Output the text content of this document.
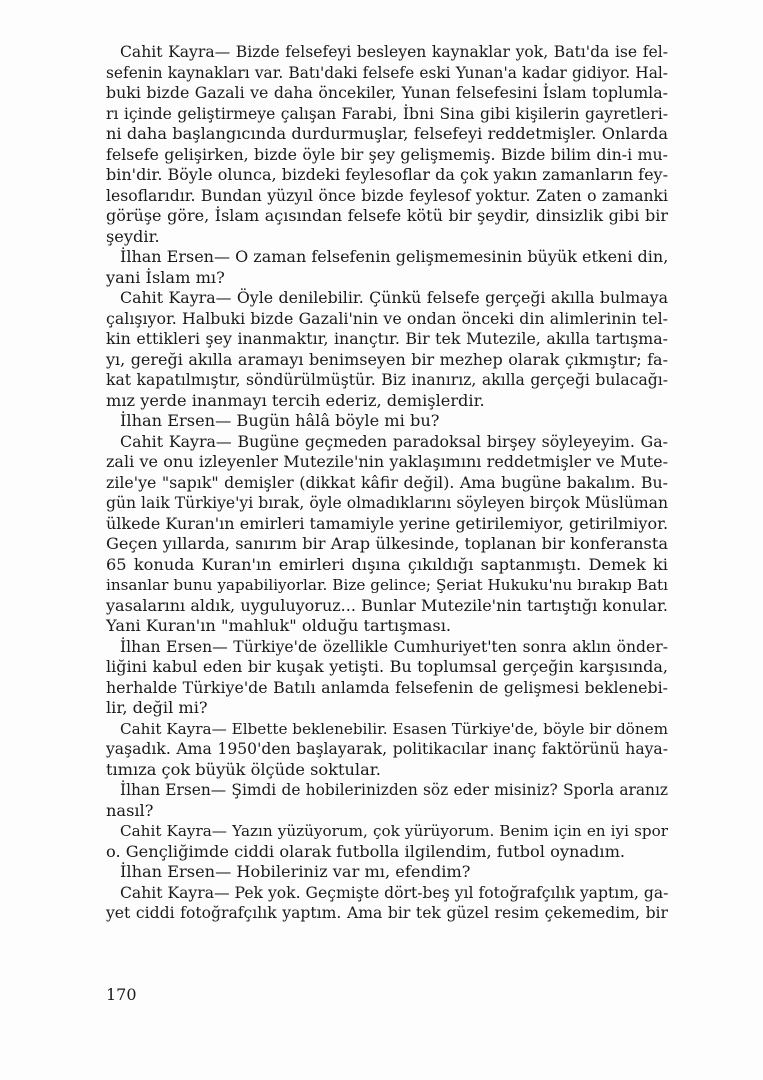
Cahit Kayra— Bizde felsefeyi besleyen kaynaklar yok, Batı'da ise fel-
sefenin kaynakları var. Batı'daki felsefe eski Yunan'a kadar gidiyor. Hal-
buki bizde Gazali ve daha öncekiler, Yunan felsefesini İslam toplumla-
rı içinde geliştirmeye çalışan Farabi, İbni Sina gibi kişilerin gayretleri-
ni daha başlangıcında durdurmuşlar, felsefeyi reddetmişler. Onlarda
felsefe gelişirken, bizde öyle bir şey gelişmemiş. Bizde bilim din-i mu-
bin'dir. Böyle olunca, bizdeki feylesoflar da çok yakın zamanların fey-
lesoflarıdır. Bundan yüzyıl önce bizde feylesof yoktur. Zaten o zamanki
görüşe göre, İslam açısından felsefe kötü bir şeydir, dinsizlik gibi bir
şeydir.
İlhan Ersen— O zaman felsefenin gelişmemesinin büyük etkeni din,
yani İslam mı?
Cahit Kayra— Öyle denilebilir. Çünkü felsefe gerçeği akılla bulmaya
çalışıyor. Halbuki bizde Gazali'nin ve ondan önceki din alimlerinin tel-
kin ettikleri şey inanmaktır, inançtır. Bir tek Mutezile, akılla tartışma-
yı, gereği akılla aramayı benimseyen bir mezhep olarak çıkmıştır; fa-
kat kapatılmıştır, söndürülmüştür. Biz inanırız, akılla gerçeği bulacağı-
mız yerde inanmayı tercih ederiz, demişlerdir.
İlhan Ersen— Bugün hâlâ böyle mi bu?
Cahit Kayra— Bugüne geçmeden paradoksal birşey söyleyeyim. Ga-
zali ve onu izleyenler Mutezile'nin yaklaşımını reddetmişler ve Mute-
zile'ye "sapık" demişler (dikkat kâfir değil). Ama bugüne bakalım. Bu-
gün laik Türkiye'yi bırak, öyle olmadıklarını söyleyen birçok Müslüman
ülkede Kuran'ın emirleri tamamiyle yerine getirilemiyor, getirilmiyor.
Geçen yıllarda, sanırım bir Arap ülkesinde, toplanan bir konferansta
65 konuda Kuran'ın emirleri dışına çıkıldığı saptanmıştı. Demek ki
insanlar bunu yapabiliyorlar. Bize gelince; Şeriat Hukuku'nu bırakıp Batı
yasalarını aldık, uyguluyoruz... Bunlar Mutezile'nin tartıştığı konular.
Yani Kuran'ın "mahluk" olduğu tartışması.
İlhan Ersen— Türkiye'de özellikle Cumhuriyet'ten sonra aklın önder-
liğini kabul eden bir kuşak yetişti. Bu toplumsal gerçeğin karşısında,
herhalde Türkiye'de Batılı anlamda felsefenin de gelişmesi beklenebi-
lir, değil mi?
Cahit Kayra— Elbette beklenebilir. Esasen Türkiye'de, böyle bir dönem
yaşadık. Ama 1950'den başlayarak, politikacılar inanç faktörünü haya-
tımıza çok büyük ölçüde soktular.
İlhan Ersen— Şimdi de hobilerinizden söz eder misiniz? Sporla aranız
nasıl?
Cahit Kayra— Yazın yüzüyorum, çok yürüyorum. Benim için en iyi spor
o. Gençliğimde ciddi olarak futbolla ilgilendim, futbol oynadım.
İlhan Ersen— Hobileriniz var mı, efendim?
Cahit Kayra— Pek yok. Geçmişte dört-beş yıl fotoğrafçılık yaptım, ga-
yet ciddi fotoğrafçılık yaptım. Ama bir tek güzel resim çekemedim, bir
170
